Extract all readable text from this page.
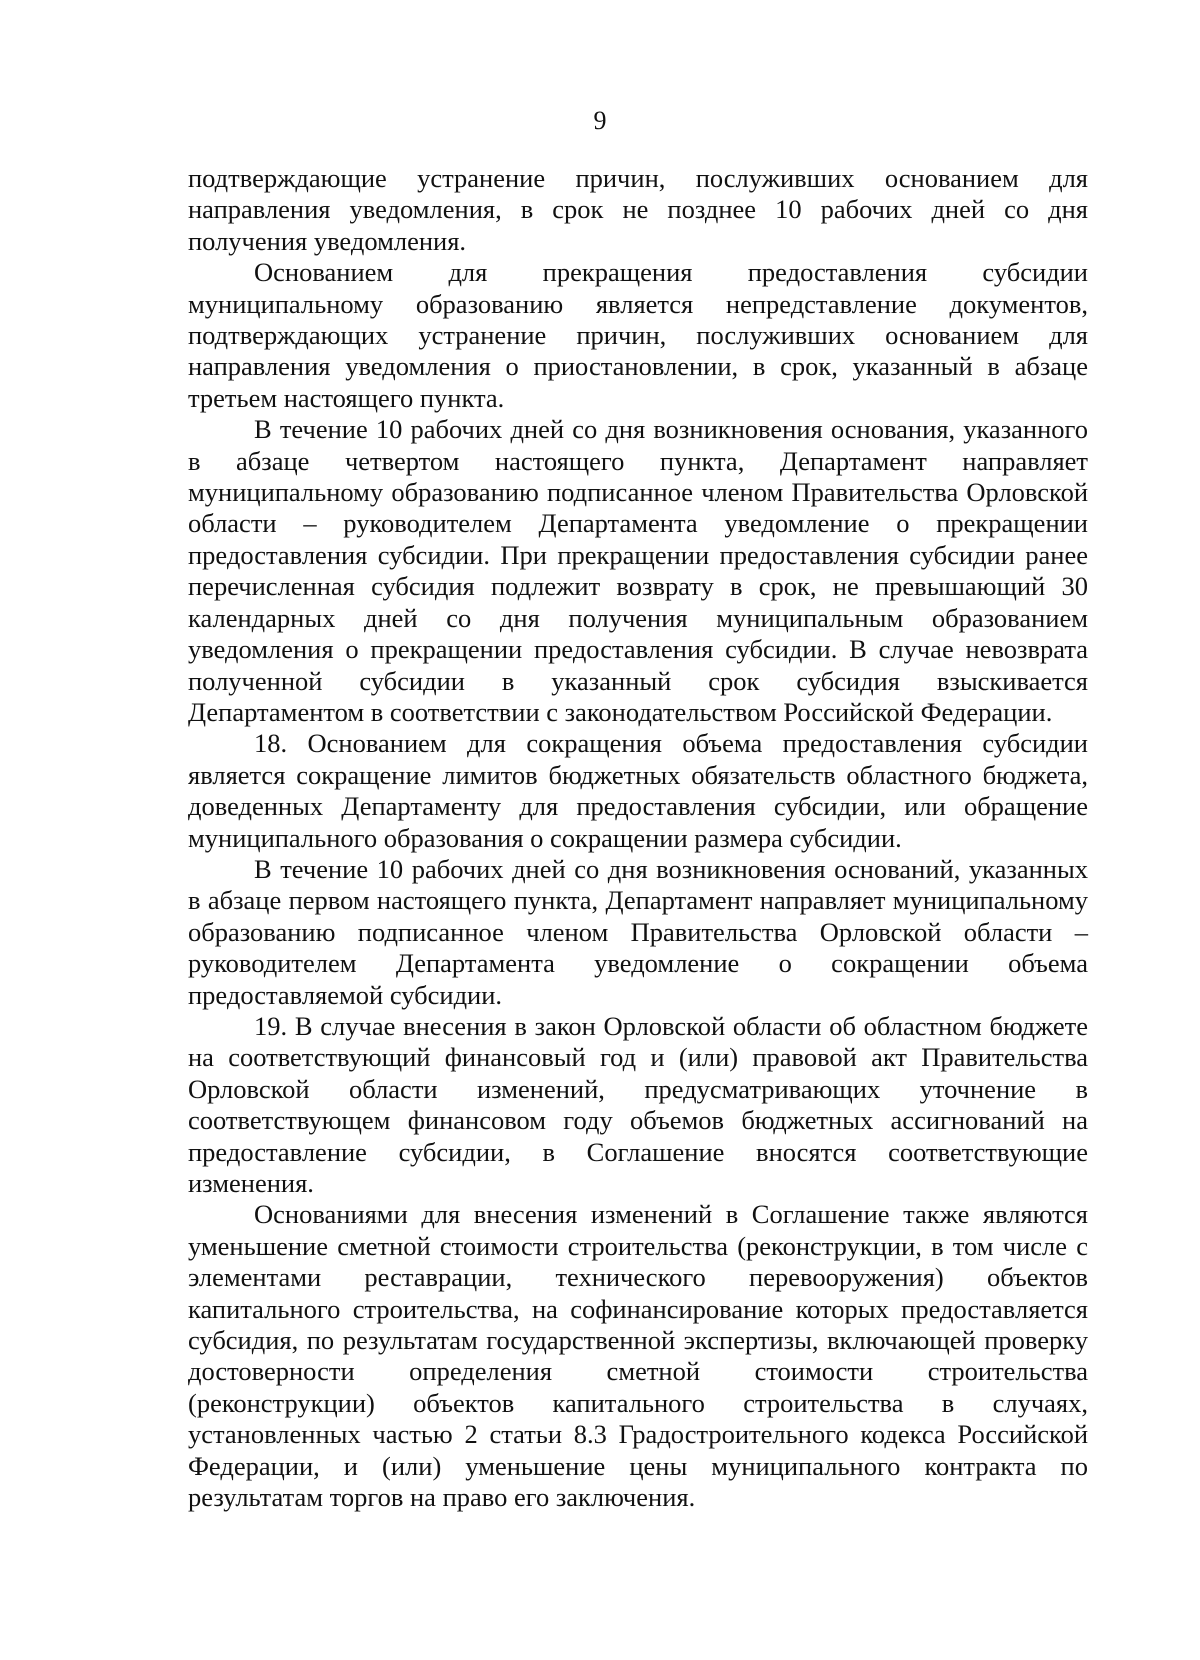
9

подтверждающие устранение причин, послуживших основанием для направления уведомления, в срок не позднее 10 рабочих дней со дня получения уведомления.

Основанием для прекращения предоставления субсидии муниципальному образованию является непредставление документов, подтверждающих устранение причин, послуживших основанием для направления уведомления о приостановлении, в срок, указанный в абзаце третьем настоящего пункта.

В течение 10 рабочих дней со дня возникновения основания, указанного в абзаце четвертом настоящего пункта, Департамент направляет муниципальному образованию подписанное членом Правительства Орловской области – руководителем Департамента уведомление о прекращении предоставления субсидии. При прекращении предоставления субсидии ранее перечисленная субсидия подлежит возврату в срок, не превышающий 30 календарных дней со дня получения муниципальным образованием уведомления о прекращении предоставления субсидии. В случае невозврата полученной субсидии в указанный срок субсидия взыскивается Департаментом в соответствии с законодательством Российской Федерации.

18. Основанием для сокращения объема предоставления субсидии является сокращение лимитов бюджетных обязательств областного бюджета, доведенных Департаменту для предоставления субсидии, или обращение муниципального образования о сокращении размера субсидии.

В течение 10 рабочих дней со дня возникновения оснований, указанных в абзаце первом настоящего пункта, Департамент направляет муниципальному образованию подписанное членом Правительства Орловской области – руководителем Департамента уведомление о сокращении объема предоставляемой субсидии.

19. В случае внесения в закон Орловской области об областном бюджете на соответствующий финансовый год и (или) правовой акт Правительства Орловской области изменений, предусматривающих уточнение в соответствующем финансовом году объемов бюджетных ассигнований на предоставление субсидии, в Соглашение вносятся соответствующие изменения.

Основаниями для внесения изменений в Соглашение также являются уменьшение сметной стоимости строительства (реконструкции, в том числе с элементами реставрации, технического перевооружения) объектов капитального строительства, на софинансирование которых предоставляется субсидия, по результатам государственной экспертизы, включающей проверку достоверности определения сметной стоимости строительства (реконструкции) объектов капитального строительства в случаях, установленных частью 2 статьи 8.3 Градостроительного кодекса Российской Федерации, и (или) уменьшение цены муниципального контракта по результатам торгов на право его заключения.
